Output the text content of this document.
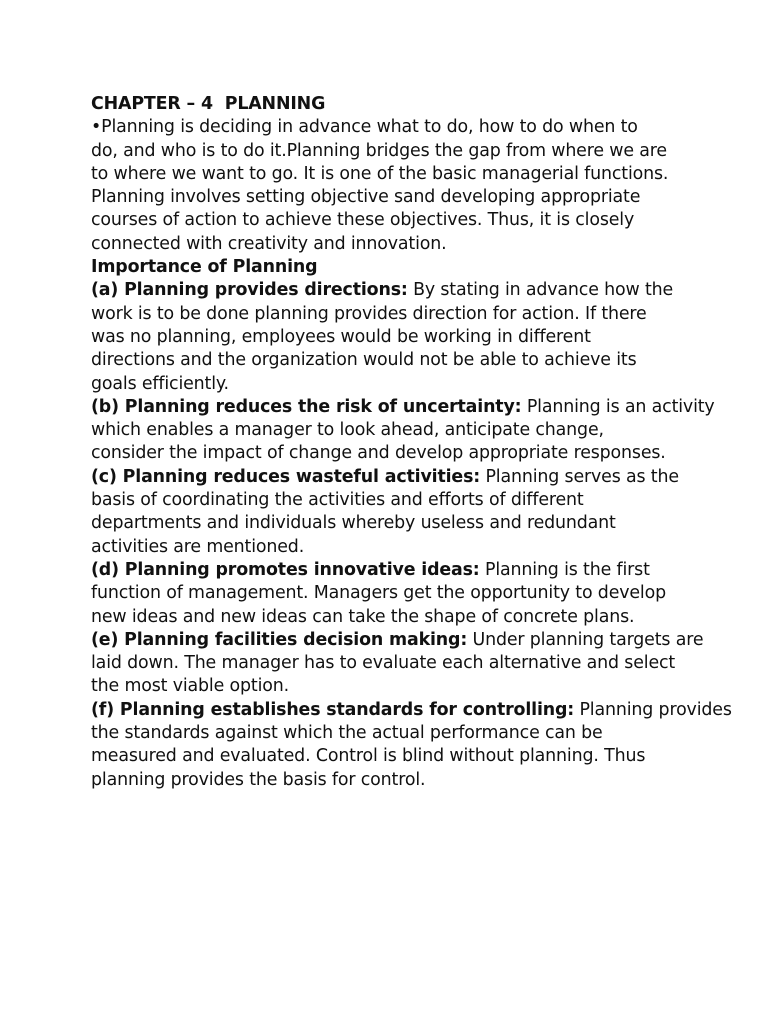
CHAPTER – 4  PLANNING
•Planning is deciding in advance what to do, how to do when to
do, and who is to do it.Planning bridges the gap from where we are
to where we want to go. It is one of the basic managerial functions.
Planning involves setting objective sand developing appropriate
courses of action to achieve these objectives. Thus, it is closely
connected with creativity and innovation.
Importance of Planning
(a) Planning provides directions: By stating in advance how the
work is to be done planning provides direction for action. If there
was no planning, employees would be working in different
directions and the organization would not be able to achieve its
goals efficiently.
(b) Planning reduces the risk of uncertainty: Planning is an activity
which enables a manager to look ahead, anticipate change,
consider the impact of change and develop appropriate responses.
(c) Planning reduces wasteful activities: Planning serves as the
basis of coordinating the activities and efforts of different
departments and individuals whereby useless and redundant
activities are mentioned.
(d) Planning promotes innovative ideas: Planning is the first
function of management. Managers get the opportunity to develop
new ideas and new ideas can take the shape of concrete plans.
(e) Planning facilities decision making: Under planning targets are
laid down. The manager has to evaluate each alternative and select
the most viable option.
(f) Planning establishes standards for controlling: Planning provides
the standards against which the actual performance can be
measured and evaluated. Control is blind without planning. Thus
planning provides the basis for control.
